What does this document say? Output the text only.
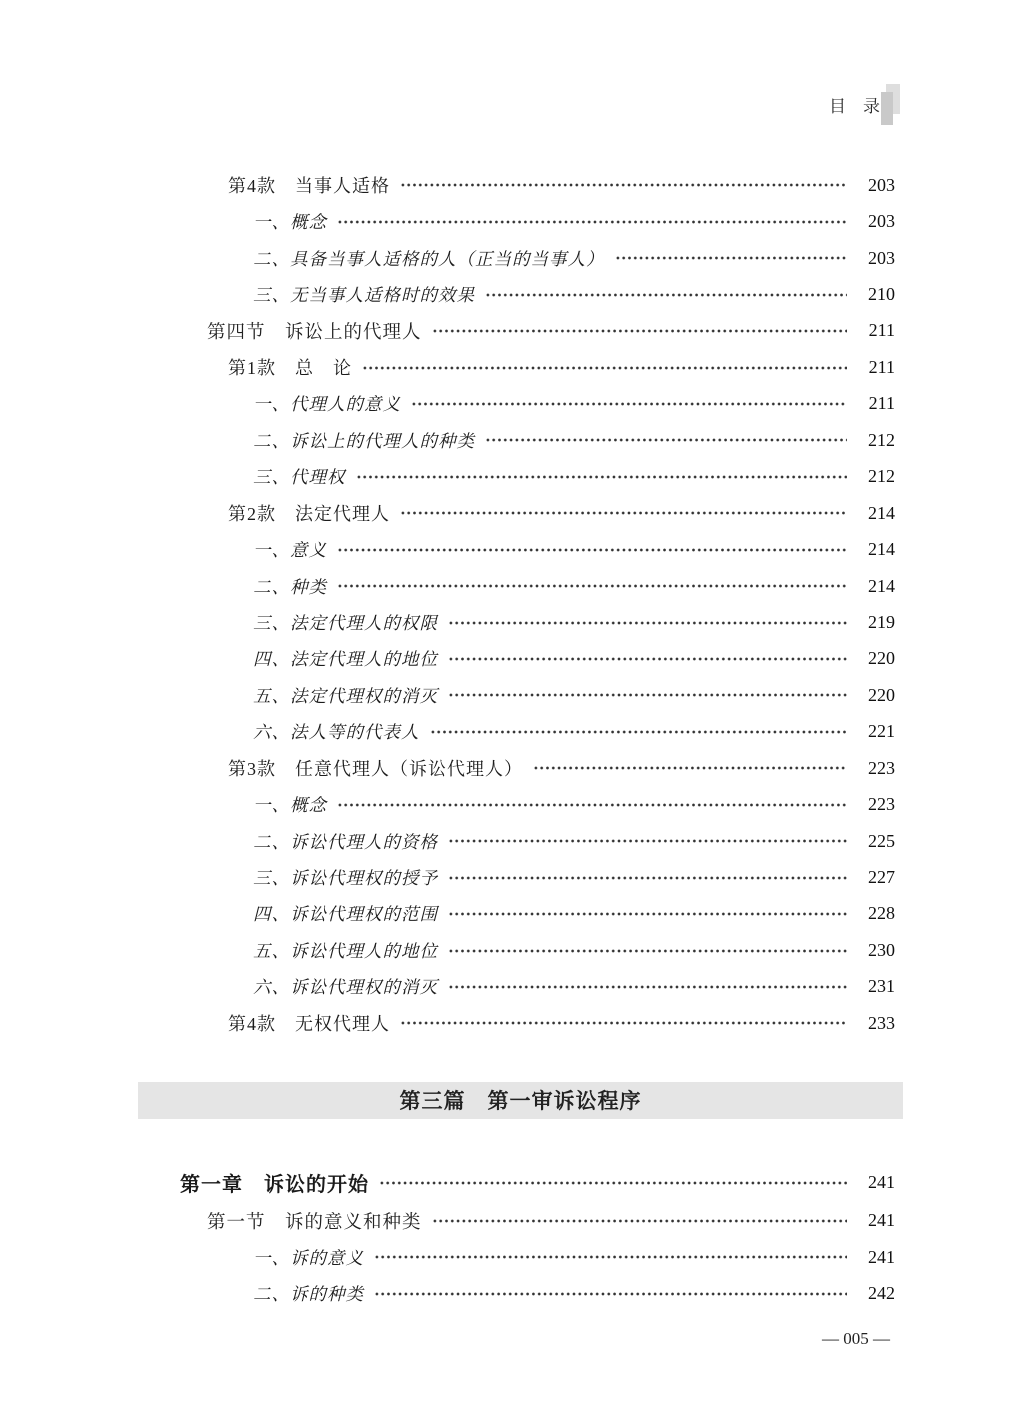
目　录
第4款　当事人适格	203
一、概念	203
二、具备当事人适格的人（正当的当事人）	203
三、无当事人适格时的效果	210
第四节　诉讼上的代理人	211
第1款　总　论	211
一、代理人的意义	211
二、诉讼上的代理人的种类	212
三、代理权	212
第2款　法定代理人	214
一、意义	214
二、种类	214
三、法定代理人的权限	219
四、法定代理人的地位	220
五、法定代理权的消灭	220
六、法人等的代表人	221
第3款　任意代理人（诉讼代理人）	223
一、概念	223
二、诉讼代理人的资格	225
三、诉讼代理权的授予	227
四、诉讼代理权的范围	228
五、诉讼代理人的地位	230
六、诉讼代理权的消灭	231
第4款　无权代理人	233
第三篇　第一审诉讼程序
第一章　诉讼的开始	241
第一节　诉的意义和种类	241
一、诉的意义	241
二、诉的种类	242
— 005 —
